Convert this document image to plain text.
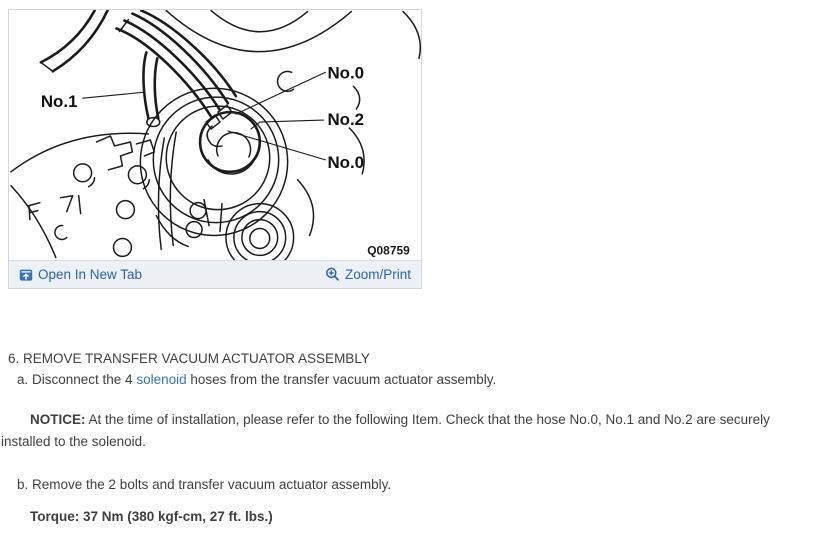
No.1
No.0
No.2
No.0
Q08759
Open In New Tab	Zoom/Print
6. REMOVE TRANSFER VACUUM ACTUATOR ASSEMBLY
a. Disconnect the 4 solenoid hoses from the transfer vacuum actuator assembly.
NOTICE: At the time of installation, please refer to the following Item. Check that the hose No.0, No.1 and No.2 are securely installed to the solenoid.
b. Remove the 2 bolts and transfer vacuum actuator assembly.
Torque: 37 Nm (380 kgf-cm, 27 ft. lbs.)
